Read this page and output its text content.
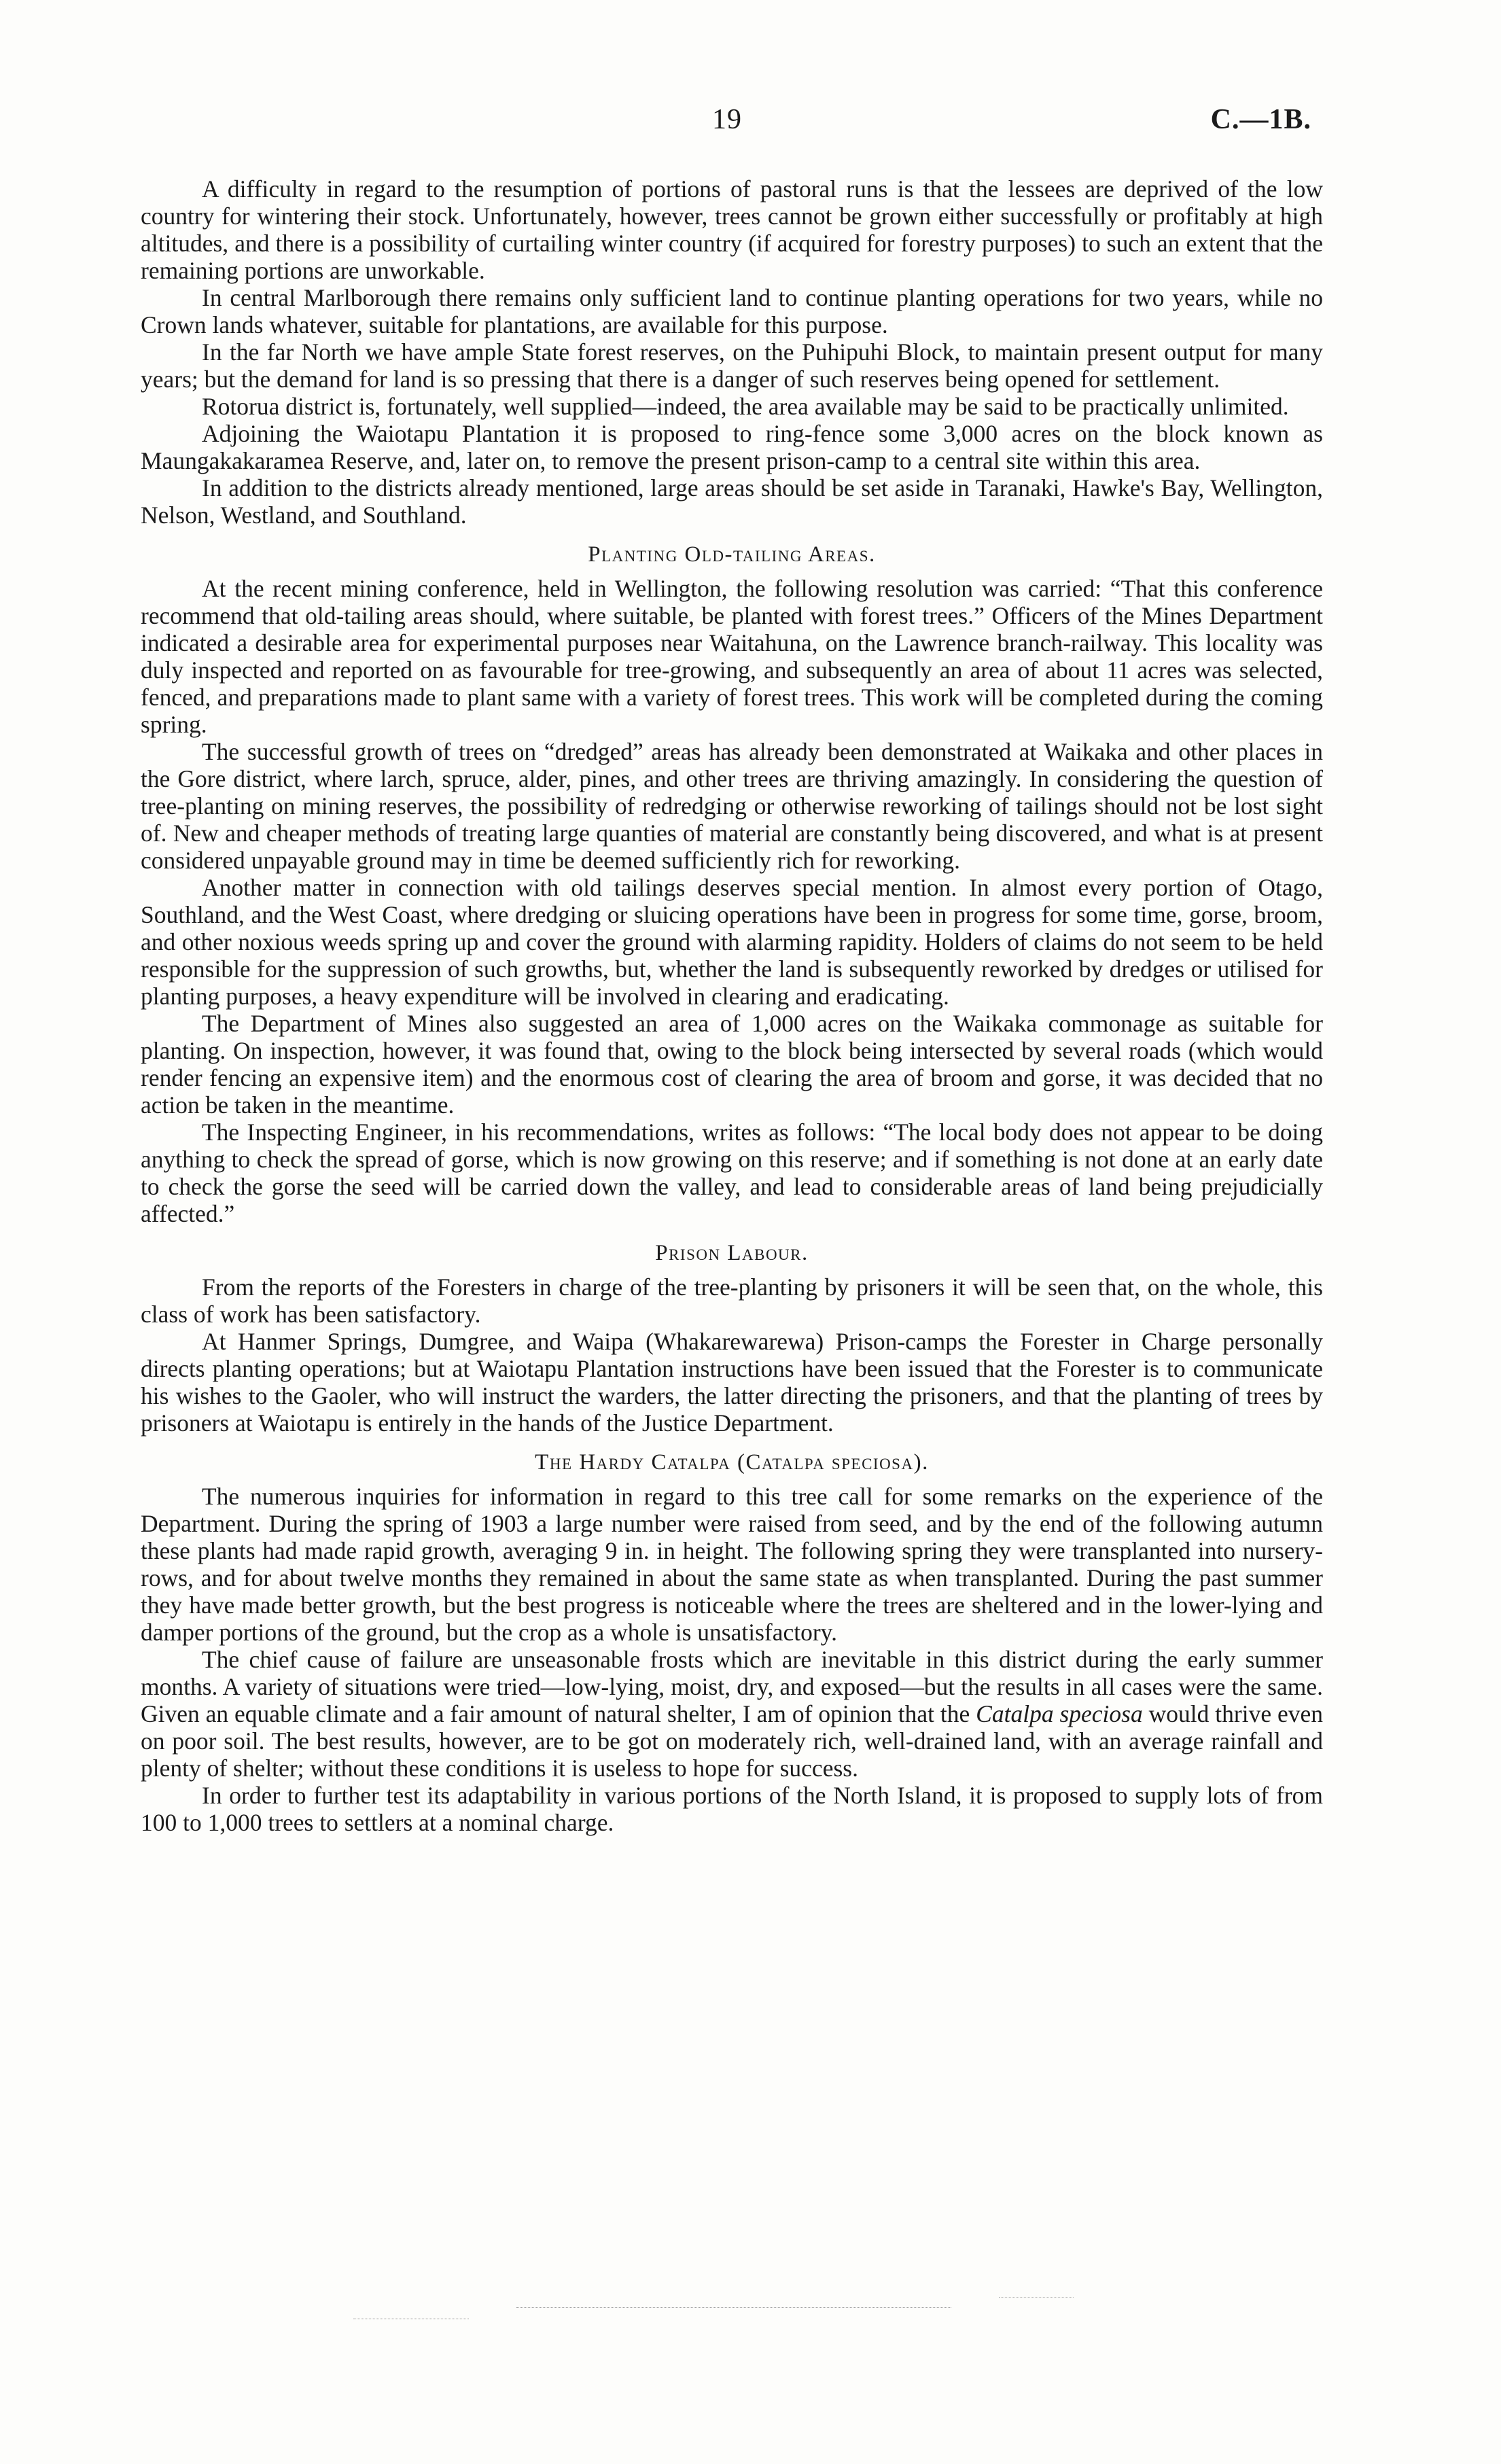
19	C.—1B.

A difficulty in regard to the resumption of portions of pastoral runs is that the lessees are deprived of the low country for wintering their stock. Unfortunately, however, trees cannot be grown either successfully or profitably at high altitudes, and there is a possibility of curtailing winter country (if acquired for forestry purposes) to such an extent that the remaining portions are unworkable.

In central Marlborough there remains only sufficient land to continue planting operations for two years, while no Crown lands whatever, suitable for plantations, are available for this purpose.

In the far North we have ample State forest reserves, on the Puhipuhi Block, to maintain present output for many years; but the demand for land is so pressing that there is a danger of such reserves being opened for settlement.

Rotorua district is, fortunately, well supplied—indeed, the area available may be said to be practically unlimited.

Adjoining the Waiotapu Plantation it is proposed to ring-fence some 3,000 acres on the block known as Maungakakaramea Reserve, and, later on, to remove the present prison-camp to a central site within this area.

In addition to the districts already mentioned, large areas should be set aside in Taranaki, Hawke's Bay, Wellington, Nelson, Westland, and Southland.

Planting Old-tailing Areas.

At the recent mining conference, held in Wellington, the following resolution was carried: “That this conference recommend that old-tailing areas should, where suitable, be planted with forest trees.” Officers of the Mines Department indicated a desirable area for experimental purposes near Waitahuna, on the Lawrence branch-railway. This locality was duly inspected and reported on as favourable for tree-growing, and subsequently an area of about 11 acres was selected, fenced, and preparations made to plant same with a variety of forest trees. This work will be completed during the coming spring.

The successful growth of trees on “dredged” areas has already been demonstrated at Waikaka and other places in the Gore district, where larch, spruce, alder, pines, and other trees are thriving amazingly. In considering the question of tree-planting on mining reserves, the possibility of redredging or otherwise reworking of tailings should not be lost sight of. New and cheaper methods of treating large quanties of material are constantly being discovered, and what is at present considered unpayable ground may in time be deemed sufficiently rich for reworking.

Another matter in connection with old tailings deserves special mention. In almost every portion of Otago, Southland, and the West Coast, where dredging or sluicing operations have been in progress for some time, gorse, broom, and other noxious weeds spring up and cover the ground with alarming rapidity. Holders of claims do not seem to be held responsible for the suppression of such growths, but, whether the land is subsequently reworked by dredges or utilised for planting purposes, a heavy expenditure will be involved in clearing and eradicating.

The Department of Mines also suggested an area of 1,000 acres on the Waikaka commonage as suitable for planting. On inspection, however, it was found that, owing to the block being intersected by several roads (which would render fencing an expensive item) and the enormous cost of clearing the area of broom and gorse, it was decided that no action be taken in the meantime.

The Inspecting Engineer, in his recommendations, writes as follows: “The local body does not appear to be doing anything to check the spread of gorse, which is now growing on this reserve; and if something is not done at an early date to check the gorse the seed will be carried down the valley, and lead to considerable areas of land being prejudicially affected.”

Prison Labour.

From the reports of the Foresters in charge of the tree-planting by prisoners it will be seen that, on the whole, this class of work has been satisfactory.

At Hanmer Springs, Dumgree, and Waipa (Whakarewarewa) Prison-camps the Forester in Charge personally directs planting operations; but at Waiotapu Plantation instructions have been issued that the Forester is to communicate his wishes to the Gaoler, who will instruct the warders, the latter directing the prisoners, and that the planting of trees by prisoners at Waiotapu is entirely in the hands of the Justice Department.

The Hardy Catalpa (Catalpa speciosa).

The numerous inquiries for information in regard to this tree call for some remarks on the experience of the Department. During the spring of 1903 a large number were raised from seed, and by the end of the following autumn these plants had made rapid growth, averaging 9 in. in height. The following spring they were transplanted into nursery-rows, and for about twelve months they remained in about the same state as when transplanted. During the past summer they have made better growth, but the best progress is noticeable where the trees are sheltered and in the lower-lying and damper portions of the ground, but the crop as a whole is unsatisfactory.

The chief cause of failure are unseasonable frosts which are inevitable in this district during the early summer months. A variety of situations were tried—low-lying, moist, dry, and exposed—but the results in all cases were the same. Given an equable climate and a fair amount of natural shelter, I am of opinion that the Catalpa speciosa would thrive even on poor soil. The best results, however, are to be got on moderately rich, well-drained land, with an average rainfall and plenty of shelter; without these conditions it is useless to hope for success.

In order to further test its adaptability in various portions of the North Island, it is proposed to supply lots of from 100 to 1,000 trees to settlers at a nominal charge.
